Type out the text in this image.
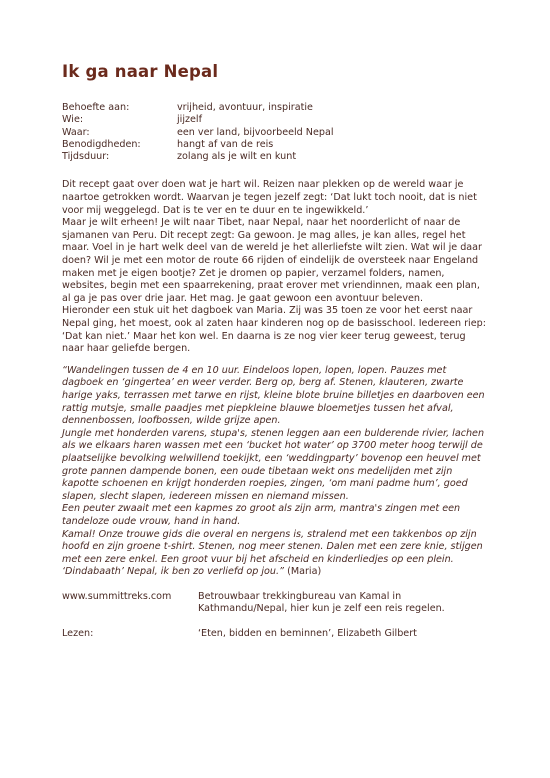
Ik ga naar Nepal
Behoefte aan:	vrijheid, avontuur, inspiratie
Wie:	jijzelf
Waar:	een ver land, bijvoorbeeld Nepal
Benodigdheden:	hangt af van de reis
Tijdsduur:	zolang als je wilt en kunt

Dit recept gaat over doen wat je hart wil. Reizen naar plekken op de wereld waar je naartoe getrokken wordt. Waarvan je tegen jezelf zegt: ‘Dat lukt toch nooit, dat is niet voor mij weggelegd. Dat is te ver en te duur en te ingewikkeld.’

Maar je wilt erheen! Je wilt naar Tibet, naar Nepal, naar het noorderlicht of naar de sjamanen van Peru. Dit recept zegt: Ga gewoon. Je mag alles, je kan alles, regel het maar. Voel in je hart welk deel van de wereld je het allerliefste wilt zien. Wat wil je daar doen? Wil je met een motor de route 66 rijden of eindelijk de oversteek naar Engeland maken met je eigen bootje? Zet je dromen op papier, verzamel folders, namen, websites, begin met een spaarrekening, praat erover met vriendinnen, maak een plan, al ga je pas over drie jaar. Het mag. Je gaat gewoon een avontuur beleven.

Hieronder een stuk uit het dagboek van Maria. Zij was 35 toen ze voor het eerst naar Nepal ging, het moest, ook al zaten haar kinderen nog op de basisschool. Iedereen riep: ‘Dat kan niet.’ Maar het kon wel. En daarna is ze nog vier keer terug geweest, terug naar haar geliefde bergen.

“Wandelingen tussen de 4 en 10 uur. Eindeloos lopen, lopen, lopen. Pauzes met dagboek en ‘gingertea’ en weer verder. Berg op, berg af. Stenen, klauteren, zwarte harige yaks, terrassen met tarwe en rijst, kleine blote bruine billetjes en daarboven een rattig mutsje, smalle paadjes met piepkleine blauwe bloemetjes tussen het afval, dennenbossen, loofbossen, wilde grijze apen.

Jungle met honderden varens, stupa's, stenen leggen aan een bulderende rivier, lachen als we elkaars haren wassen met een ‘bucket hot water’ op 3700 meter hoog terwijl de plaatselijke bevolking welwillend toekijkt, een ‘weddingparty’ bovenop een heuvel met grote pannen dampende bonen, een oude tibetaan wekt ons medelijden met zijn kapotte schoenen en krijgt honderden roepies, zingen, ‘om mani padme hum’, goed slapen, slecht slapen, iedereen missen en niemand missen.

Een peuter zwaait met een kapmes zo groot als zijn arm, mantra's zingen met een tandeloze oude vrouw, hand in hand.

Kamal! Onze trouwe gids die overal en nergens is, stralend met een takkenbos op zijn hoofd en zijn groene t-shirt. Stenen, nog meer stenen. Dalen met een zere knie, stijgen met een zere enkel. Een groot vuur bij het afscheid en kinderliedjes op een plein.

‘Dindabaath’ Nepal, ik ben zo verliefd op jou.” (Maria)

www.summittreks.com	Betrouwbaar trekkingbureau van Kamal in Kathmandu/Nepal, hier kun je zelf een reis regelen.
Lezen:	‘Eten, bidden en beminnen’, Elizabeth Gilbert
